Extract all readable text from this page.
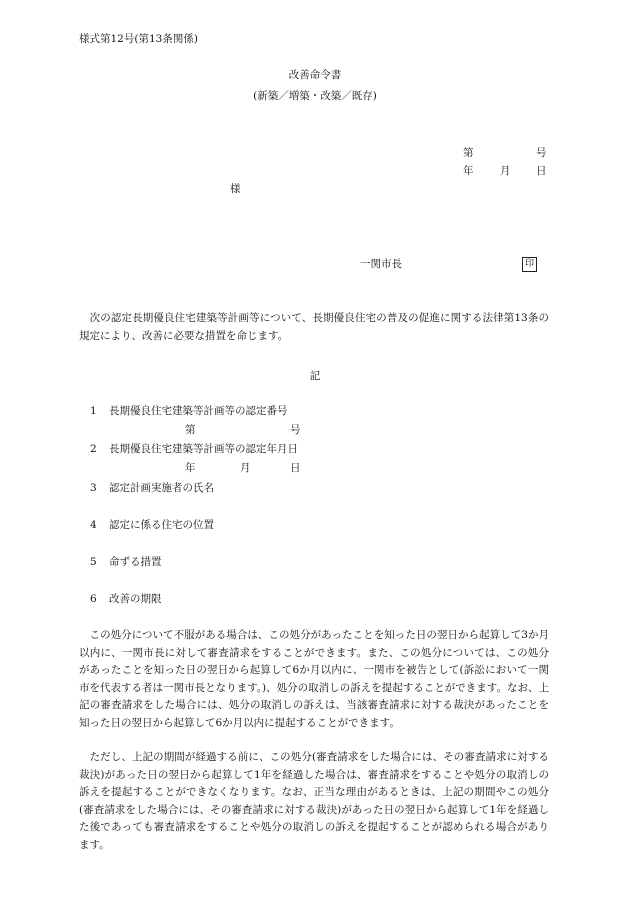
様式第12号(第13条関係)
改善命令書
(新築／増築・改築／既存)
第	号
年	月 日
様
一関市長	印
次の認定長期優良住宅建築等計画等について、長期優良住宅の普及の促進に関する法律第13条の規定により、改善に必要な措置を命じます。
記
1 長期優良住宅建築等計画等の認定番号
第	号
2 長期優良住宅建築等計画等の認定年月日
年	月	日
3 認定計画実施者の氏名
4 認定に係る住宅の位置
5 命ずる措置
6 改善の期限
この処分について不服がある場合は、この処分があったことを知った日の翌日から起算して3か月以内に、一関市長に対して審査請求をすることができます。また、この処分については、この処分があったことを知った日の翌日から起算して6か月以内に、一関市を被告として(訴訟において一関市を代表する者は一関市長となります。)、処分の取消しの訴えを提起することができます。なお、上記の審査請求をした場合には、処分の取消しの訴えは、当該審査請求に対する裁決があったことを知った日の翌日から起算して6か月以内に提起することができます。
ただし、上記の期間が経過する前に、この処分(審査請求をした場合には、その審査請求に対する裁決)があった日の翌日から起算して1年を経過した場合は、審査請求をすることや処分の取消しの訴えを提起することができなくなります。なお、正当な理由があるときは、上記の期間やこの処分(審査請求をした場合には、その審査請求に対する裁決)があった日の翌日から起算して1年を経過した後であっても審査請求をすることや処分の取消しの訴えを提起することが認められる場合があります。
